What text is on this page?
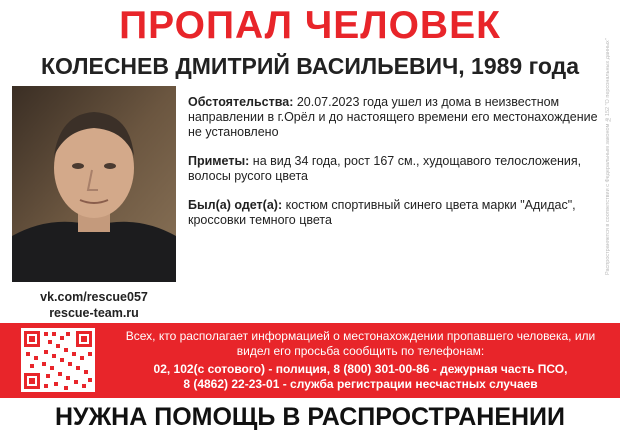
ПРОПАЛ ЧЕЛОВЕК
КОЛЕСНЕВ ДМИТРИЙ ВАСИЛЬЕВИЧ, 1989 года	Распространяется в соответствии с Федеральным законом №152 "О персональных данных"
vk.com/rescue057
rescue-team.ru

Обстоятельства: 20.07.2023 года ушел из дома в неизвестном направлении в г.Орёл и до настоящего времени его местонахождение не установлено

Приметы: на вид 34 года, рост 167 см., худощавого телосложения, волосы русого цвета

Был(а) одет(а): костюм спортивный синего цвета марки "Адидас", кроссовки темного цвета

Всех, кто располагает информацией о местонахождении пропавшего человека, или видел его просьба сообщить по телефонам:
02, 102(с сотового) - полиция, 8 (800) 301-00-86 - дежурная часть ПСО,
8 (4862) 22-23-01 - служба регистрации несчастных случаев
НУЖНА ПОМОЩЬ В РАСПРОСТРАНЕНИИ
